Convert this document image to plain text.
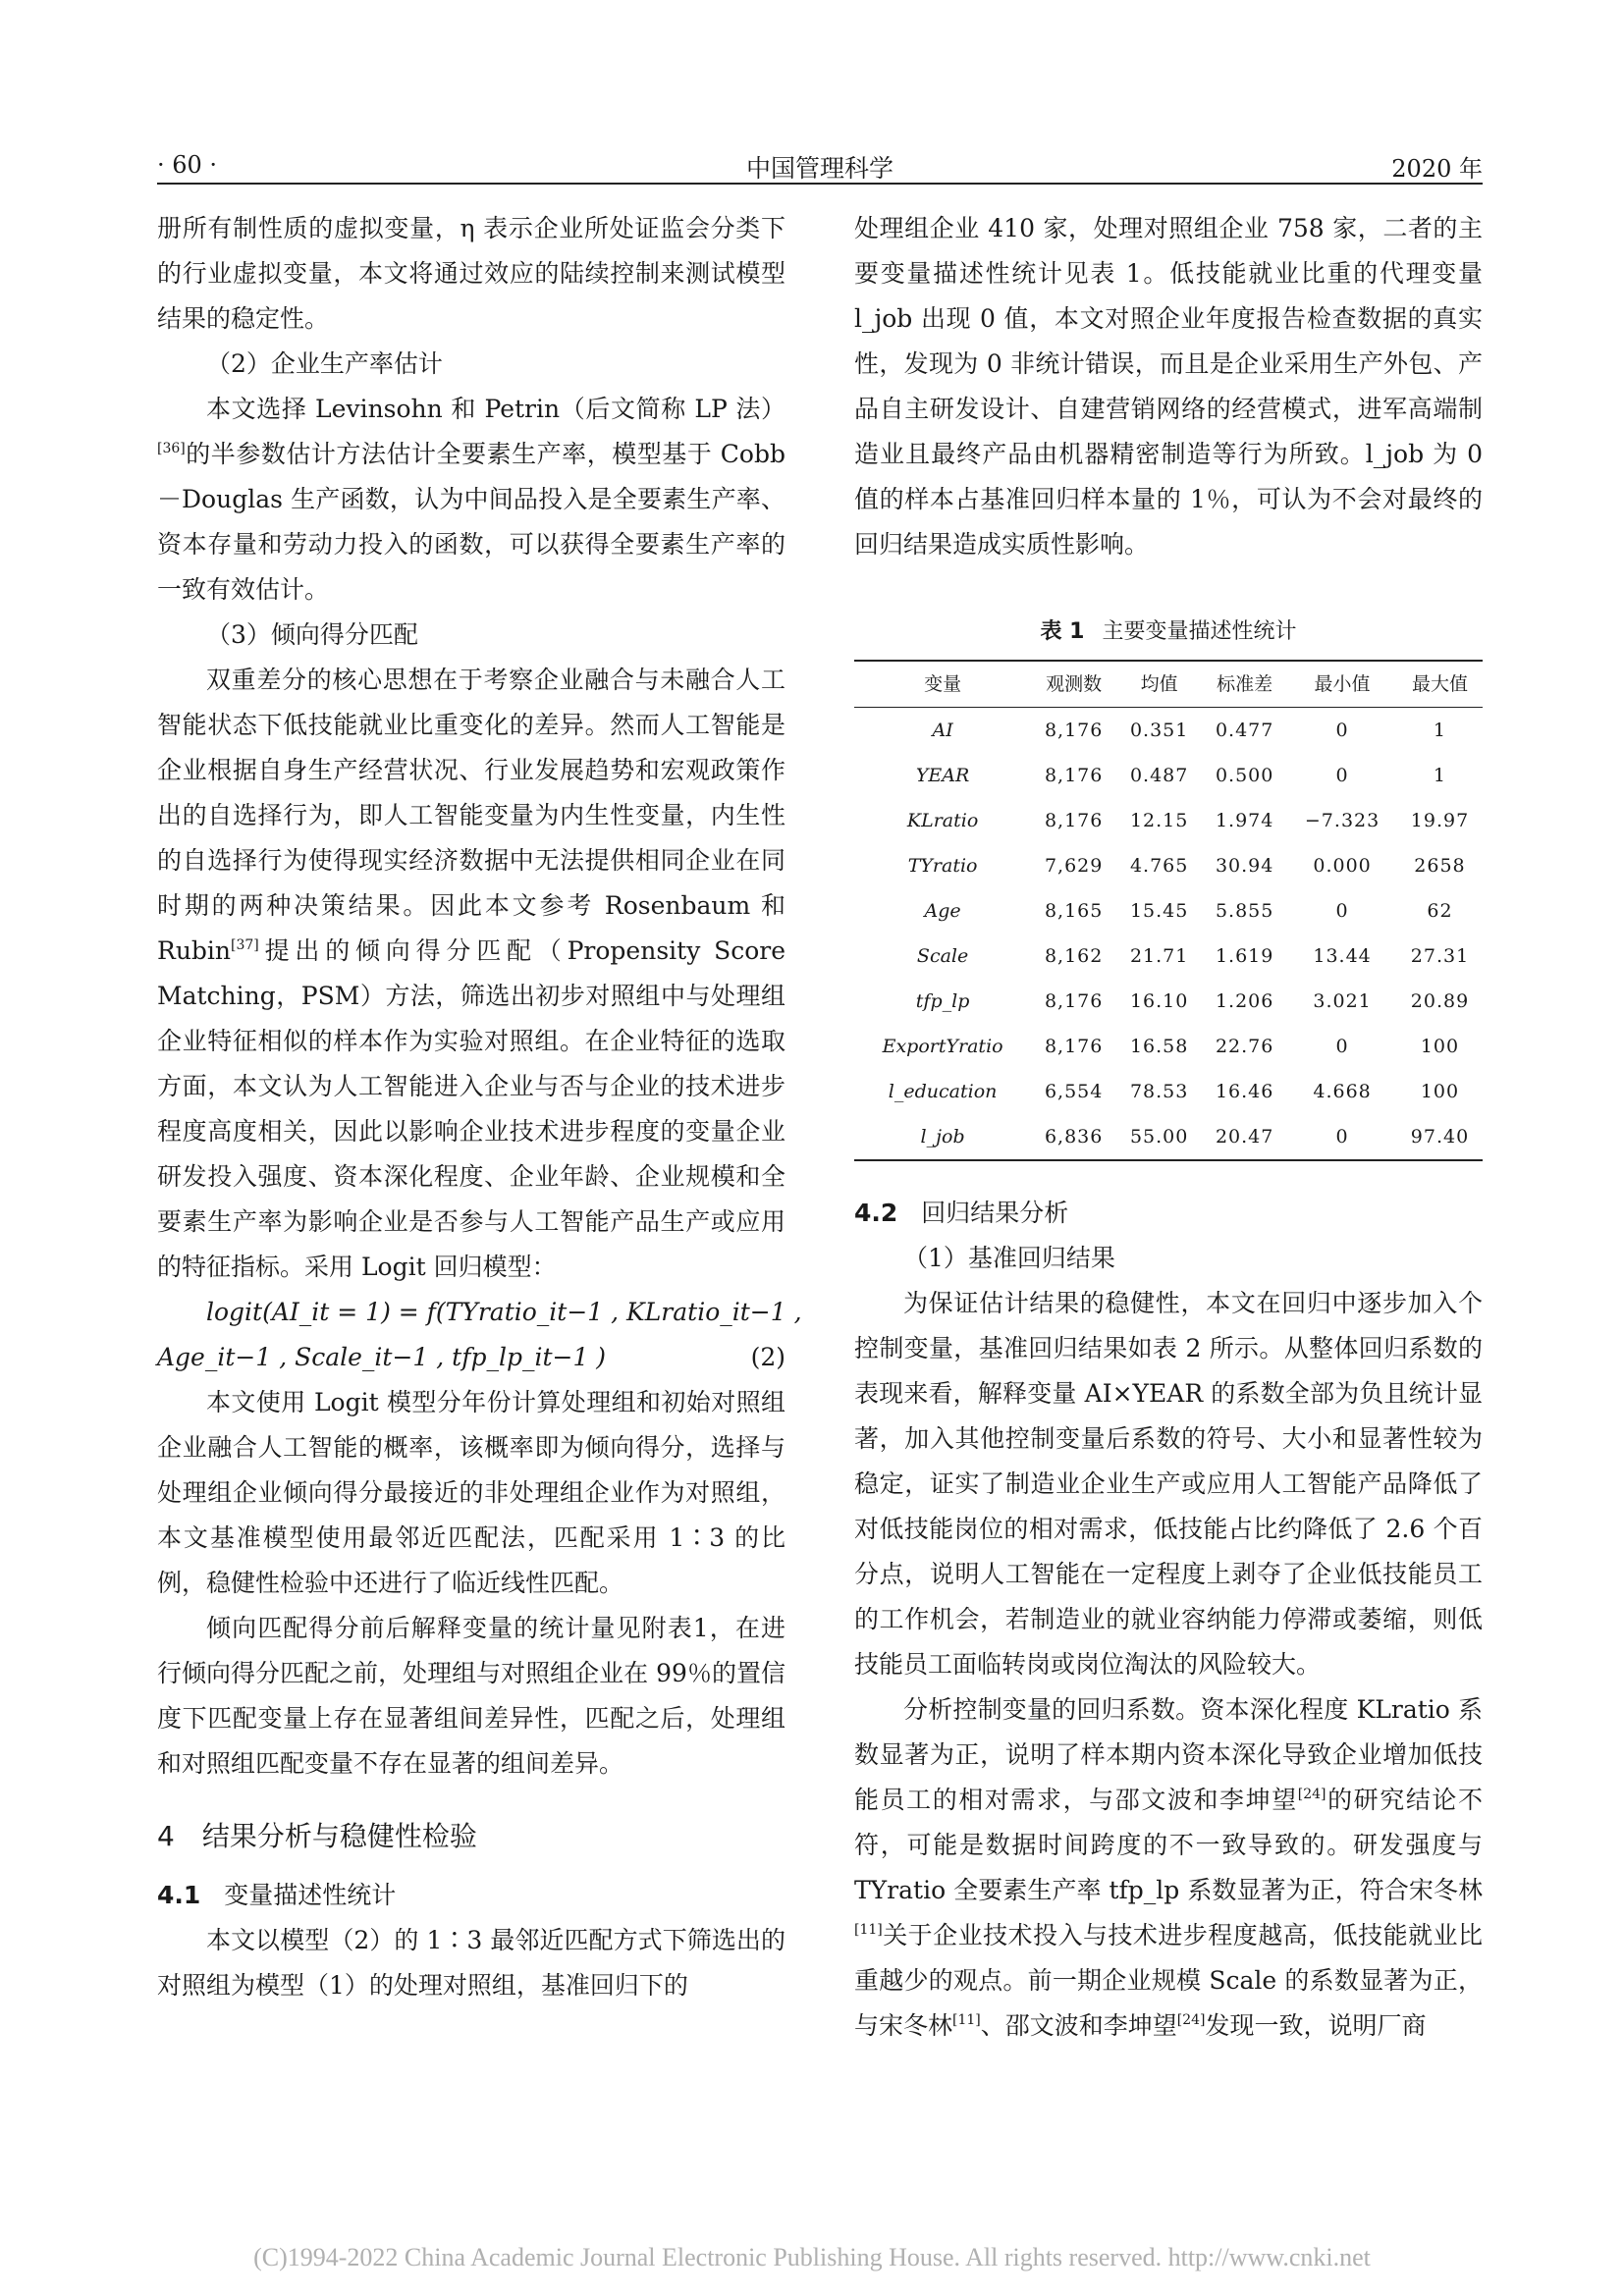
· 60 ·	中国管理科学	2020 年

册所有制性质的虚拟变量，η 表示企业所处证监会分类下的行业虚拟变量，本文将通过效应的陆续控制来测试模型结果的稳定性。

（2）企业生产率估计

本文选择 Levinsohn 和 Petrin（后文简称 LP 法）[36]的半参数估计方法估计全要素生产率，模型基于 Cobb－Douglas 生产函数，认为中间品投入是全要素生产率、资本存量和劳动力投入的函数，可以获得全要素生产率的一致有效估计。

（3）倾向得分匹配

双重差分的核心思想在于考察企业融合与未融合人工智能状态下低技能就业比重变化的差异。然而人工智能是企业根据自身生产经营状况、行业发展趋势和宏观政策作出的自选择行为，即人工智能变量为内生性变量，内生性的自选择行为使得现实经济数据中无法提供相同企业在同时期的两种决策结果。因此本文参考 Rosenbaum 和 Rubin[37]提出的倾向得分匹配（Propensity Score Matching，PSM）方法，筛选出初步对照组中与处理组企业特征相似的样本作为实验对照组。在企业特征的选取方面，本文认为人工智能进入企业与否与企业的技术进步程度高度相关，因此以影响企业技术进步程度的变量企业研发投入强度、资本深化程度、企业年龄、企业规模和全要素生产率为影响企业是否参与人工智能产品生产或应用的特征指标。采用 Logit 回归模型：

logit(AI_it = 1) = f(TYratio_it−1 , KLratio_it−1 ,

Age_it−1 , Scale_it−1 , tfp_lp_it−1 )	(2)

本文使用 Logit 模型分年份计算处理组和初始对照组企业融合人工智能的概率，该概率即为倾向得分，选择与处理组企业倾向得分最接近的非处理组企业作为对照组，本文基准模型使用最邻近匹配法，匹配采用 1∶3 的比例，稳健性检验中还进行了临近线性匹配。

倾向匹配得分前后解释变量的统计量见附表1，在进行倾向得分匹配之前，处理组与对照组企业在 99％的置信度下匹配变量上存在显著组间差异性，匹配之后，处理组和对照组匹配变量不存在显著的组间差异。

4　结果分析与稳健性检验

4.1 变量描述性统计

本文以模型（2）的 1∶3 最邻近匹配方式下筛选出的对照组为模型（1）的处理对照组，基准回归下的

处理组企业 410 家，处理对照组企业 758 家，二者的主要变量描述性统计见表 1。低技能就业比重的代理变量 l_job 出现 0 值，本文对照企业年度报告检查数据的真实性，发现为 0 非统计错误，而且是企业采用生产外包、产品自主研发设计、自建营销网络的经营模式，进军高端制造业且最终产品由机器精密制造等行为所致。l_job 为 0 值的样本占基准回归样本量的 1％，可认为不会对最终的回归结果造成实质性影响。

表 1 主要变量描述性统计
变量	观测数	均值	标准差	最小值	最大值
AI	8,176	0.351	0.477	0	1
YEAR	8,176	0.487	0.500	0	1
KLratio	8,176	12.15	1.974	−7.323	19.97
TYratio	7,629	4.765	30.94	0.000	2658
Age	8,165	15.45	5.855	0	62
Scale	8,162	21.71	1.619	13.44	27.31
tfp_lp	8,176	16.10	1.206	3.021	20.89
ExportYratio	8,176	16.58	22.76	0	100
l_education	6,554	78.53	16.46	4.668	100
l_job	6,836	55.00	20.47	0	97.40

4.2 回归结果分析

（1）基准回归结果

为保证估计结果的稳健性，本文在回归中逐步加入个控制变量，基准回归结果如表 2 所示。从整体回归系数的表现来看，解释变量 AI×YEAR 的系数全部为负且统计显著，加入其他控制变量后系数的符号、大小和显著性较为稳定，证实了制造业企业生产或应用人工智能产品降低了对低技能岗位的相对需求，低技能占比约降低了 2.6 个百分点，说明人工智能在一定程度上剥夺了企业低技能员工的工作机会，若制造业的就业容纳能力停滞或萎缩，则低技能员工面临转岗或岗位淘汰的风险较大。

分析控制变量的回归系数。资本深化程度 KLratio 系数显著为正，说明了样本期内资本深化导致企业增加低技能员工的相对需求，与邵文波和李坤望[24]的研究结论不符，可能是数据时间跨度的不一致导致的。研发强度与 TYratio 全要素生产率 tfp_lp 系数显著为正，符合宋冬林[11]关于企业技术投入与技术进步程度越高，低技能就业比重越少的观点。前一期企业规模 Scale 的系数显著为正，与宋冬林[11]、邵文波和李坤望[24]发现一致，说明厂商

(C)1994-2022 China Academic Journal Electronic Publishing House. All rights reserved. http://www.cnki.net
